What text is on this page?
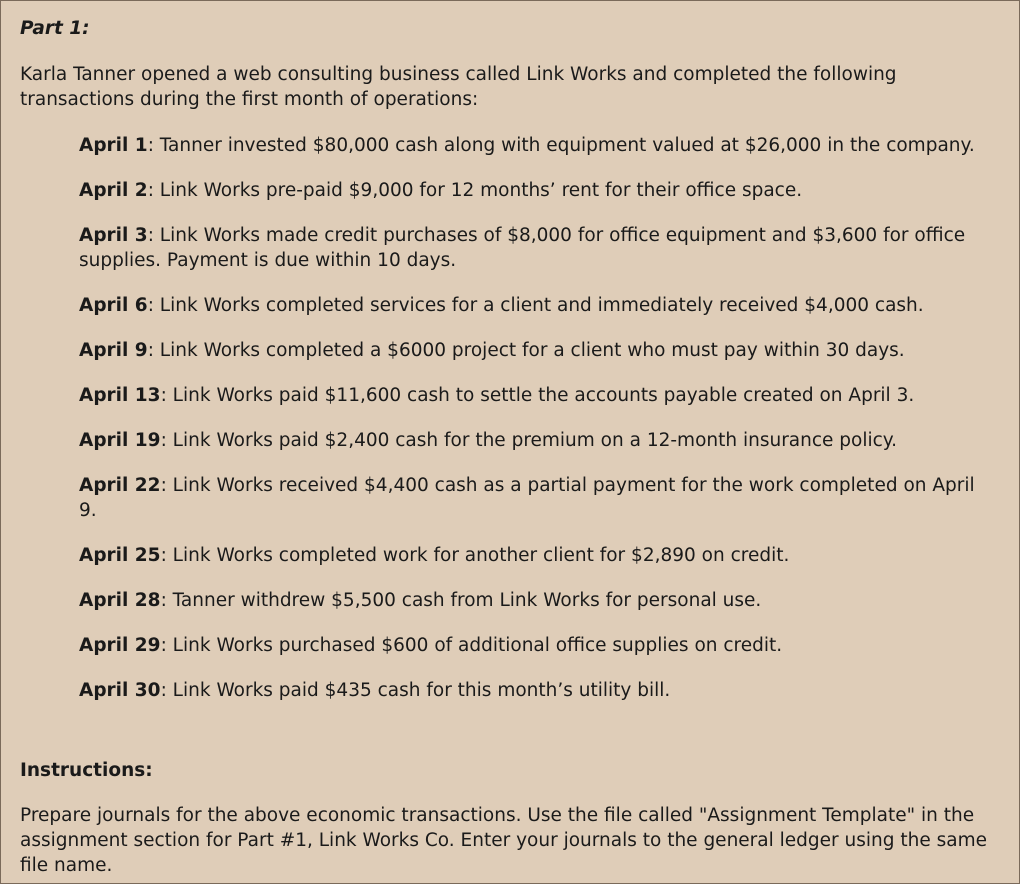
Part 1:

Karla Tanner opened a web consulting business called Link Works and completed the following transactions during the first month of operations:

April 1: Tanner invested $80,000 cash along with equipment valued at $26,000 in the company.
April 2: Link Works pre-paid $9,000 for 12 months’ rent for their office space.
April 3: Link Works made credit purchases of $8,000 for office equipment and $3,600 for office supplies. Payment is due within 10 days.
April 6: Link Works completed services for a client and immediately received $4,000 cash.
April 9: Link Works completed a $6000 project for a client who must pay within 30 days.
April 13: Link Works paid $11,600 cash to settle the accounts payable created on April 3.
April 19: Link Works paid $2,400 cash for the premium on a 12-month insurance policy.
April 22: Link Works received $4,400 cash as a partial payment for the work completed on April 9.
April 25: Link Works completed work for another client for $2,890 on credit.
April 28: Tanner withdrew $5,500 cash from Link Works for personal use.
April 29: Link Works purchased $600 of additional office supplies on credit.
April 30: Link Works paid $435 cash for this month’s utility bill.
Instructions:

Prepare journals for the above economic transactions. Use the file called "Assignment Template" in the assignment section for Part #1, Link Works Co. Enter your journals to the general ledger using the same file name.
